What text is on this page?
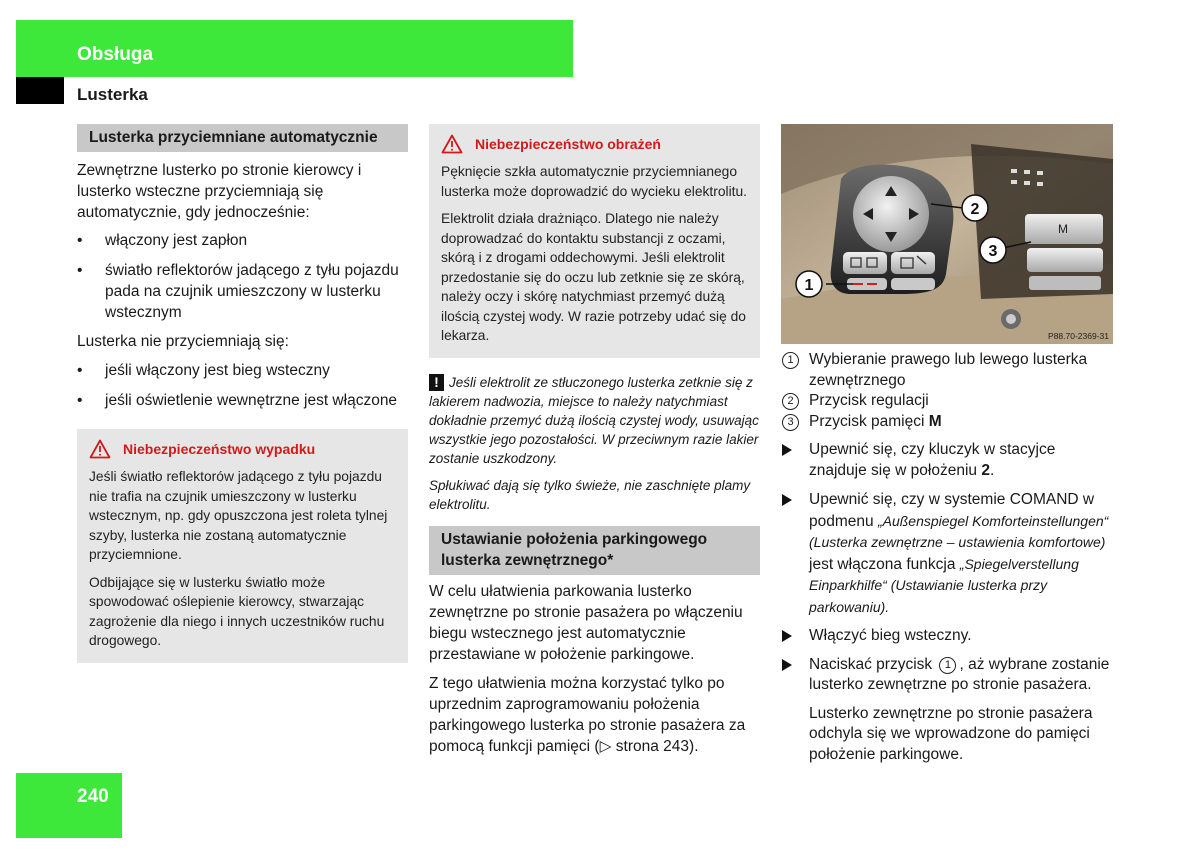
Obsługa
Lusterka
Lusterka przyciemniane automatycznie

Zewnętrzne lusterko po stronie kierowcy i lusterko wsteczne przyciemniają się automatycznie, gdy jednocześnie:

• włączony jest zapłon
• światło reflektorów jadącego z tyłu pojazdu pada na czujnik umieszczony w lusterku wstecznym

Lusterka nie przyciemniają się:

• jeśli włączony jest bieg wsteczny
• jeśli oświetlenie wewnętrzne jest włączone
Niebezpieczeństwo wypadku

Jeśli światło reflektorów jadącego z tyłu pojazdu nie trafia na czujnik umieszczony w lusterku wstecznym, np. gdy opuszczona jest roleta tylnej szyby, lusterka nie zostaną automatycznie przyciemnione.

Odbijające się w lusterku światło może spowodować oślepienie kierowcy, stwarzając zagrożenie dla niego i innych uczestników ruchu drogowego.

Niebezpieczeństwo obrażeń

Pęknięcie szkła automatycznie przyciemnianego lusterka może doprowadzić do wycieku elektrolitu.

Elektrolit działa drażniąco. Dlatego nie należy doprowadzać do kontaktu substancji z oczami, skórą i z drogami oddechowymi. Jeśli elektrolit przedostanie się do oczu lub zetknie się ze skórą, należy oczy i skórę natychmiast przemyć dużą ilością czystej wody. W razie potrzeby udać się do lekarza.

! Jeśli elektrolit ze stłuczonego lusterka zetknie się z lakierem nadwozia, miejsce to należy natychmiast dokładnie przemyć dużą ilością czystej wody, usuwając wszystkie jego pozostałości. W przeciwnym razie lakier zostanie uszkodzony.

Spłukiwać dają się tylko świeże, nie zaschnięte plamy elektrolitu.

Ustawianie położenia parkingowego lusterka zewnętrznego*

W celu ułatwienia parkowania lusterko zewnętrzne po stronie pasażera po włączeniu biegu wstecznego jest automatycznie przestawiane w położenie parkingowe.

Z tego ułatwienia można korzystać tylko po uprzednim zaprogramowaniu położenia parkingowego lusterka po stronie pasażera za pomocą funkcji pamięci (▷ strona 243).

M
1
2
3
P88.70-2369-31
1 Wybieranie prawego lub lewego lusterka zewnętrznego
2 Przycisk regulacji
3 Przycisk pamięci M
Upewnić się, czy kluczyk w stacyjce znajduje się w położeniu 2.
Upewnić się, czy w systemie COMAND w podmenu „Außenspiegel Komforteinstellungen“ (Lusterka zewnętrzne – ustawienia komfortowe) jest włączona funkcja „Spiegelverstellung Einparkhilfe“ (Ustawianie lusterka przy parkowaniu).
Włączyć bieg wsteczny.
Naciskać przycisk 1 , aż wybrane zostanie lusterko zewnętrzne po stronie pasażera.

Lusterko zewnętrzne po stronie pasażera odchyla się we wprowadzone do pamięci położenie parkingowe.

240
